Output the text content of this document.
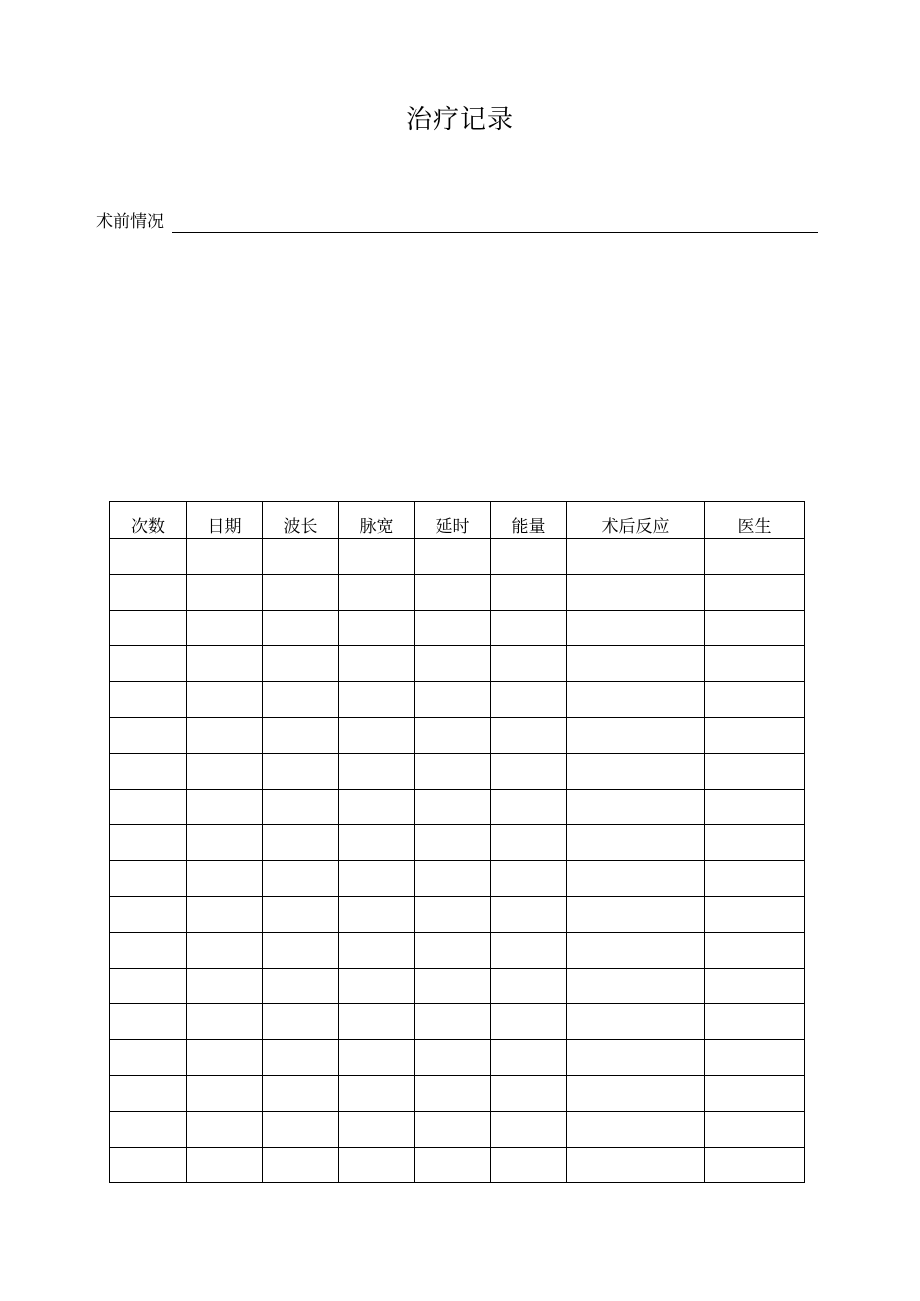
治疗记录
术前情况
次数	日期	波长	脉宽	延时	能量	术后反应	医生
